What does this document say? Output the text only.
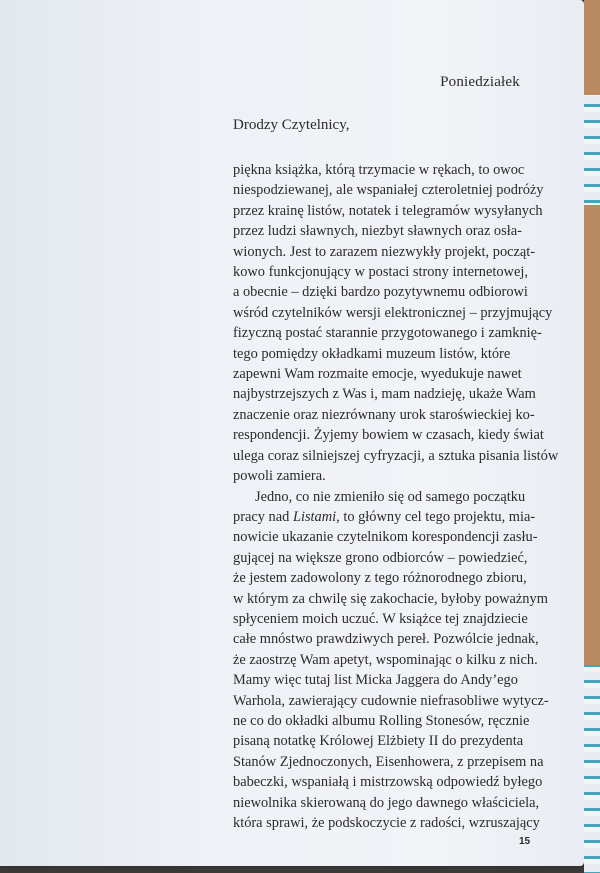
Poniedziałek
Drodzy Czytelnicy,

piękna książka, którą trzymacie w rękach, to owoc
niespodziewanej, ale wspaniałej czteroletniej podróży
przez krainę listów, notatek i telegramów wysyłanych
przez ludzi sławnych, niezbyt sławnych oraz osła-
wionych. Jest to zarazem niezwykły projekt, począt-
kowo funkcjonujący w postaci strony internetowej,
a obecnie – dzięki bardzo pozytywnemu odbiorowi
wśród czytelników wersji elektronicznej – przyjmujący
fizyczną postać starannie przygotowanego i zamknię-
tego pomiędzy okładkami muzeum listów, które
zapewni Wam rozmaite emocje, wyedukuje nawet
najbystrzejszych z Was i, mam nadzieję, ukaże Wam
znaczenie oraz niezrównany urok staroświeckiej ko-
respondencji. Żyjemy bowiem w czasach, kiedy świat
ulega coraz silniejszej cyfryzacji, a sztuka pisania listów
powoli zamiera.

Jedno, co nie zmieniło się od samego początku
pracy nad Listami, to główny cel tego projektu, mia-
nowicie ukazanie czytelnikom korespondencji zasłu-
gującej na większe grono odbiorców – powiedzieć,
że jestem zadowolony z tego różnorodnego zbioru,
w którym za chwilę się zakochacie, byłoby poważnym
spłyceniem moich uczuć. W książce tej znajdziecie
całe mnóstwo prawdziwych pereł. Pozwólcie jednak,
że zaostrzę Wam apetyt, wspominając o kilku z nich.
Mamy więc tutaj list Micka Jaggera do Andy’ego
Warhola, zawierający cudownie niefrasobliwe wytycz-
ne co do okładki albumu Rolling Stonesów, ręcznie
pisaną notatkę Królowej Elżbiety II do prezydenta
Stanów Zjednoczonych, Eisenhowera, z przepisem na
babeczki, wspaniałą i mistrzowską odpowiedź byłego
niewolnika skierowaną do jego dawnego właściciela,
która sprawi, że podskoczycie z radości, wzruszający

15
